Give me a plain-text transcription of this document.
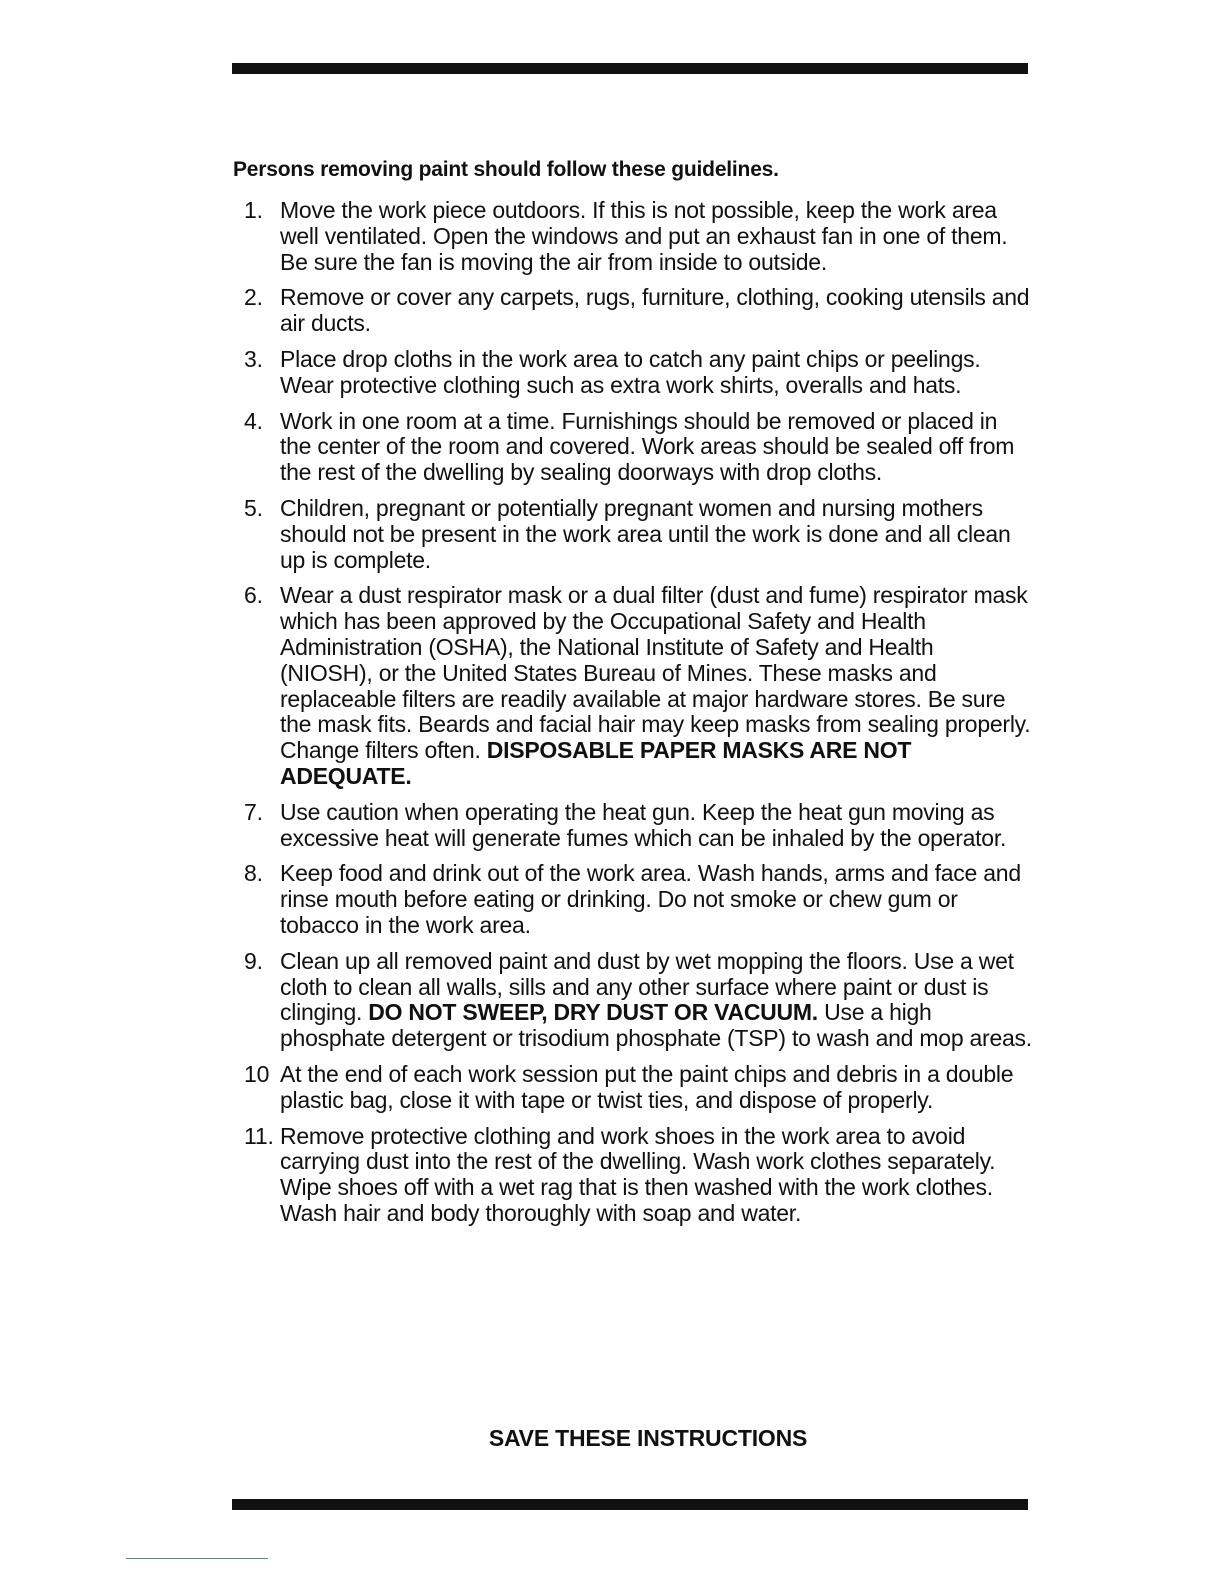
Persons removing paint should follow these guidelines.
1. Move the work piece outdoors. If this is not possible, keep the work area well ventilated. Open the windows and put an exhaust fan in one of them. Be sure the fan is moving the air from inside to outside.
2. Remove or cover any carpets, rugs, furniture, clothing, cooking utensils and air ducts.
3. Place drop cloths in the work area to catch any paint chips or peelings. Wear protective clothing such as extra work shirts, overalls and hats.
4. Work in one room at a time. Furnishings should be removed or placed in the center of the room and covered. Work areas should be sealed off from the rest of the dwelling by sealing doorways with drop cloths.
5. Children, pregnant or potentially pregnant women and nursing mothers should not be present in the work area until the work is done and all clean up is complete.
6. Wear a dust respirator mask or a dual filter (dust and fume) respirator mask which has been approved by the Occupational Safety and Health Administration (OSHA), the National Institute of Safety and Health (NIOSH), or the United States Bureau of Mines. These masks and replaceable filters are readily available at major hardware stores. Be sure the mask fits. Beards and facial hair may keep masks from sealing properly. Change filters often. DISPOSABLE PAPER MASKS ARE NOT ADEQUATE.
7. Use caution when operating the heat gun. Keep the heat gun moving as excessive heat will generate fumes which can be inhaled by the operator.
8. Keep food and drink out of the work area. Wash hands, arms and face and rinse mouth before eating or drinking. Do not smoke or chew gum or tobacco in the work area.
9. Clean up all removed paint and dust by wet mopping the floors. Use a wet cloth to clean all walls, sills and any other surface where paint or dust is clinging. DO NOT SWEEP, DRY DUST OR VACUUM. Use a high phosphate detergent or trisodium phosphate (TSP) to wash and mop areas.
10 At the end of each work session put the paint chips and debris in a double plastic bag, close it with tape or twist ties, and dispose of properly.
11. Remove protective clothing and work shoes in the work area to avoid carrying dust into the rest of the dwelling. Wash work clothes separately. Wipe shoes off with a wet rag that is then washed with the work clothes. Wash hair and body thoroughly with soap and water.
SAVE THESE INSTRUCTIONS
